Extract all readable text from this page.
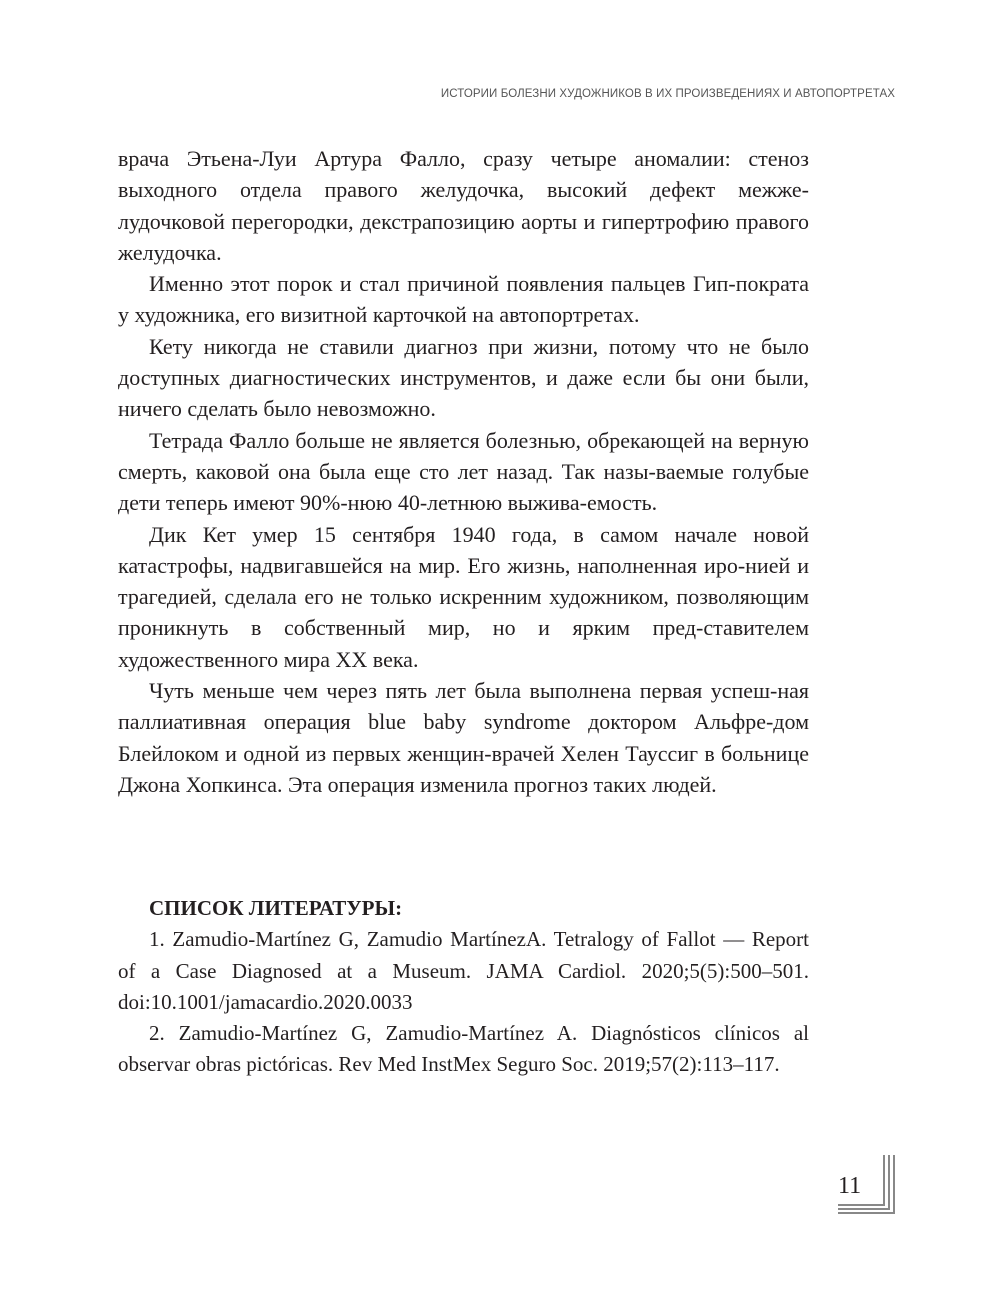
ИСТОРИИ БОЛЕЗНИ ХУДОЖНИКОВ В ИХ ПРОИЗВЕДЕНИЯХ И АВТОПОРТРЕТАХ

врача Этьена-Луи Артура Фалло, сразу четыре аномалии: стеноз выходного отдела правого желудочка, высокий дефект межже-лудочковой перегородки, декстрапозицию аорты и гипертрофию правого желудочка.

Именно этот порок и стал причиной появления пальцев Гип-пократа у художника, его визитной карточкой на автопортретах.

Кету никогда не ставили диагноз при жизни, потому что не было доступных диагностических инструментов, и даже если бы они были, ничего сделать было невозможно.

Тетрада Фалло больше не является болезнью, обрекающей на верную смерть, каковой она была еще сто лет назад. Так назы-ваемые голубые дети теперь имеют 90%-нюю 40-летнюю выжива-емость.

Дик Кет умер 15 сентября 1940 года, в самом начале новой катастрофы, надвигавшейся на мир. Его жизнь, наполненная иро-нией и трагедией, сделала его не только искренним художником, позволяющим проникнуть в собственный мир, но и ярким пред-ставителем художественного мира XX века.

Чуть меньше чем через пять лет была выполнена первая успеш-ная паллиативная операция blue baby syndrome доктором Альфре-дом Блейлоком и одной из первых женщин-врачей Хелен Тауссиг в больнице Джона Хопкинса. Эта операция изменила прогноз таких людей.

СПИСОК ЛИТЕРАТУРЫ:

1. Zamudio-Martínez G, Zamudio MartínezA. Tetralogy of Fallot — Report of a Case Diagnosed at a Museum. JAMA Cardiol. 2020;5(5):500–501. doi:10.1001/jamacardio.2020.0033

2. Zamudio-Martínez G, Zamudio-Martínez A. Diagnósticos clínicos al observar obras pictóricas. Rev Med InstMex Seguro Soc. 2019;57(2):113–117.

11
